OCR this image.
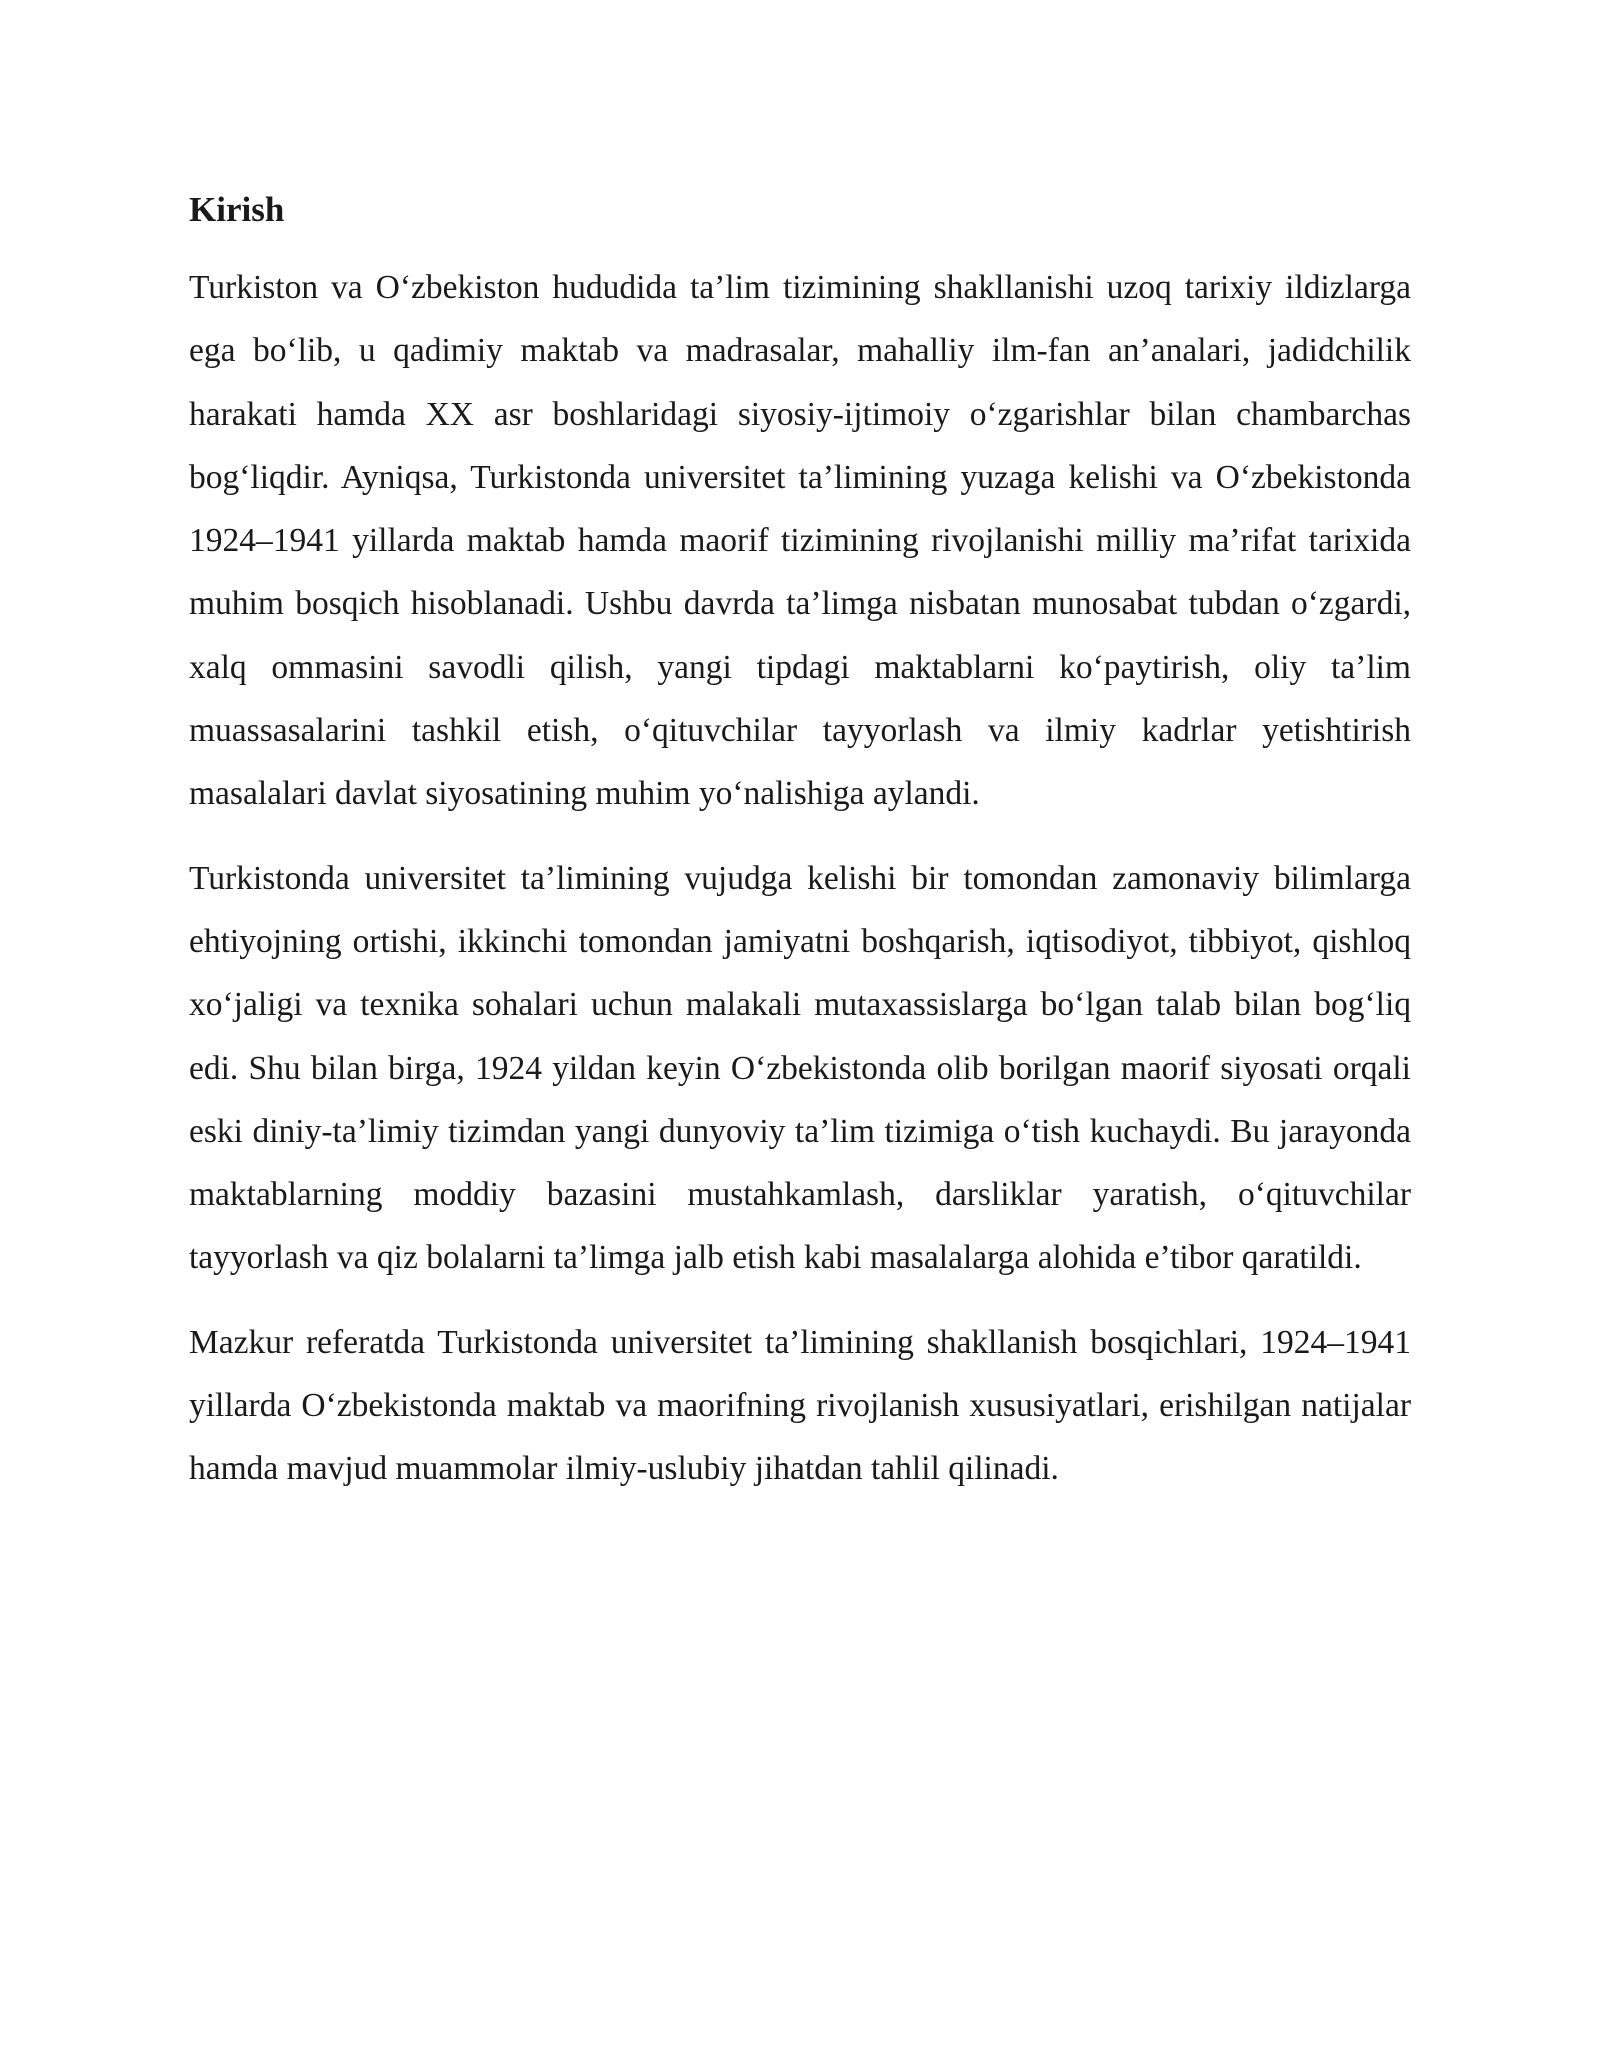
Kirish

Turkiston va O‘zbekiston hududida ta’lim tizimining shakllanishi uzoq tarixiy ildizlarga ega bo‘lib, u qadimiy maktab va madrasalar, mahalliy ilm-fan an’analari, jadidchilik harakati hamda XX asr boshlaridagi siyosiy-ijtimoiy o‘zgarishlar bilan chambarchas bog‘liqdir. Ayniqsa, Turkistonda universitet ta’limining yuzaga kelishi va O‘zbekistonda 1924–1941 yillarda maktab hamda maorif tizimining rivojlanishi milliy ma’rifat tarixida muhim bosqich hisoblanadi. Ushbu davrda ta’limga nisbatan munosabat tubdan o‘zgardi, xalq ommasini savodli qilish, yangi tipdagi maktablarni ko‘paytirish, oliy ta’lim muassasalarini tashkil etish, o‘qituvchilar tayyorlash va ilmiy kadrlar yetishtirish masalalari davlat siyosatining muhim yo‘nalishiga aylandi.

Turkistonda universitet ta’limining vujudga kelishi bir tomondan zamonaviy bilimlarga ehtiyojning ortishi, ikkinchi tomondan jamiyatni boshqarish, iqtisodiyot, tibbiyot, qishloq xo‘jaligi va texnika sohalari uchun malakali mutaxassislarga bo‘lgan talab bilan bog‘liq edi. Shu bilan birga, 1924 yildan keyin O‘zbekistonda olib borilgan maorif siyosati orqali eski diniy-ta’limiy tizimdan yangi dunyoviy ta’lim tizimiga o‘tish kuchaydi. Bu jarayonda maktablarning moddiy bazasini mustahkamlash, darsliklar yaratish, o‘qituvchilar tayyorlash va qiz bolalarni ta’limga jalb etish kabi masalalarga alohida e’tibor qaratildi.

Mazkur referatda Turkistonda universitet ta’limining shakllanish bosqichlari, 1924–1941 yillarda O‘zbekistonda maktab va maorifning rivojlanish xususiyatlari, erishilgan natijalar hamda mavjud muammolar ilmiy-uslubiy jihatdan tahlil qilinadi.
